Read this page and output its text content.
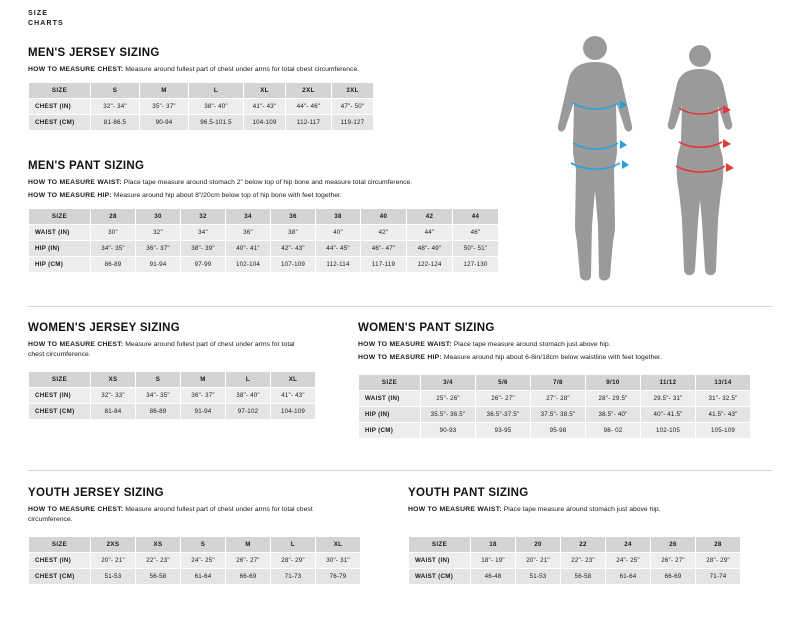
SIZE
CHARTS
MEN'S JERSEY SIZING
HOW TO MEASURE CHEST: Measure around fullest part of chest under arms for total chest circumference.
SIZE	S	M	L	XL	2XL	3XL
CHEST (IN)	32"- 34"	35"- 37"	38"- 40"	41"- 43"	44"- 46"	47"- 50"
CHEST (CM)	81-86.5	90-94	96.5-101.5	104-109	112-117	119-127
MEN'S PANT SIZING
HOW TO MEASURE WAIST: Place tape measure around stomach 2" below top of hip bone and measure total circumference.
HOW TO MEASURE HIP: Measure around hip about 8"/20cm below top of hip bone with feet together.
SIZE	28	30	32	34	36	38	40	42	44
WAIST (IN)	30"	32"	34"	36"	38"	40"	42"	44"	46"
HIP (IN)	34"- 35"	36"- 37"	38"- 39"	40"- 41"	42"- 43"	44"- 45"	46"- 47"	48"- 49"	50"- 51"
HIP (CM)	86-89	91-94	97-99	102-104	107-109	112-114	117-119	122-124	127-130
WOMEN'S JERSEY SIZING
HOW TO MEASURE CHEST: Measure around fullest part of chest under arms for total chest circumference.
SIZE	XS	S	M	L	XL
CHEST (IN)	32"- 33"	34"- 35"	36"- 37"	38"- 40"	41"- 43"
CHEST (CM)	81-84	86-89	91-94	97-102	104-109
WOMEN'S PANT SIZING
HOW TO MEASURE WAIST: Place tape measure around stomach just above hip.
HOW TO MEASURE HIP: Measure around hip about 6-8in/18cm below waistline with feet together.
SIZE	3/4	5/6	7/8	9/10	11/12	13/14
WAIST (IN)	25"- 26"	26"- 27"	27"- 28"	28"- 29.5"	29.5"- 31"	31"- 32.5"
HIP (IN)	35.5"- 36.5"	36.5"-37.5"	37.5"- 38.5"	38.5"- 40"	40"- 41.5"	41.5"- 43"
HIP (CM)	90-93	93-95	95-98	98- 02	102-105	105-109
YOUTH JERSEY SIZING
HOW TO MEASURE CHEST: Measure around fullest part of chest under arms for total chest circumference.
SIZE	2XS	XS	S	M	L	XL
CHEST (IN)	20"- 21"	22"- 23"	24"- 25"	26"- 27"	28"- 29"	30"- 31"
CHEST (CM)	51-53	56-58	61-64	66-69	71-73	76-79
YOUTH PANT SIZING
HOW TO MEASURE WAIST: Place tape measure around stomach just above hip.
SIZE	18	20	22	24	26	28
WAIST (IN)	18"- 19"	20"- 21"	22"- 23"	24"- 25"	26"- 27"	28"- 29"
WAIST (CM)	46-48	51-53	56-58	61-64	66-69	71-74
